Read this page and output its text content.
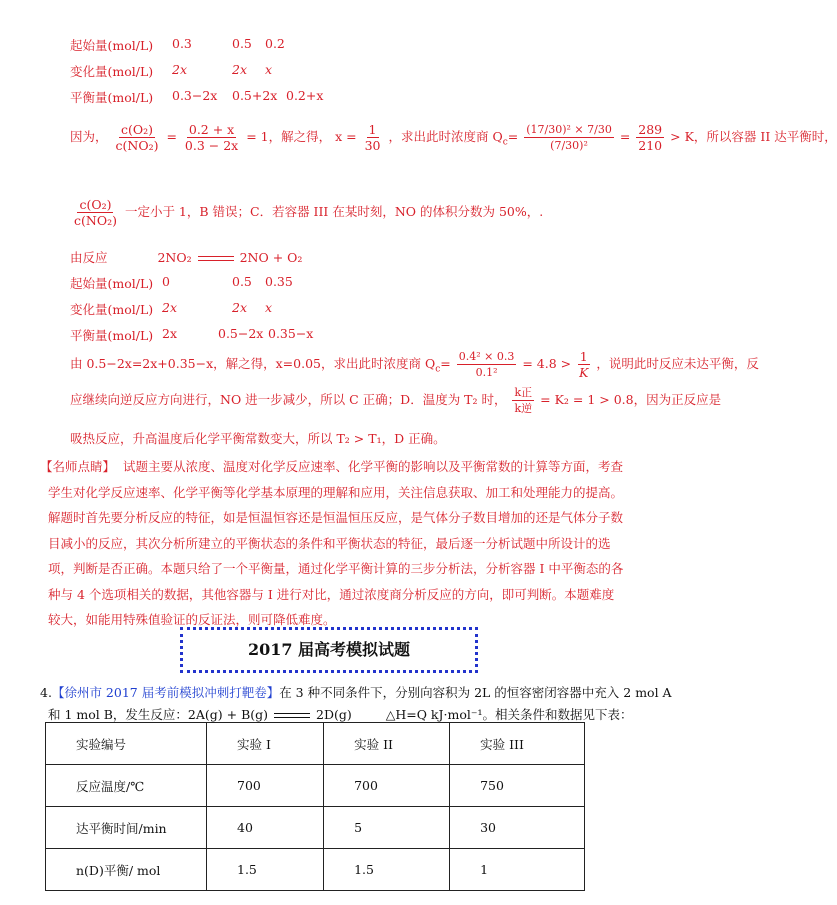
起始量(mol/L) 0.3	0.5 0.2
变化量(mol/L) 2x	2x x
平衡量(mol/L) 0.3−2x 0.5+2x 0.2+x
因为， $\frac{\text{c(O₂)}}{\text{c(NO₂)}} = \frac{0.2 + x}{0.3 - 2x} = 1$，解之得， $x = \frac{1}{30}$ ，求出此时浓度商 $Q_c= \frac{\text{(17/30)² × 7/30}}{\text{(7/30)²}} = \frac{289}{210} > K$，所以容器 II 达平衡时，
$\frac{\text{c(O₂)}}{\text{c(NO₂)}}$ 一定小于 1，B 错误；C．若容器 III 在某时刻，NO 的体积分数为 50%，.
由反应	2NO₂	2NO + O₂
起始量(mol/L) 0	0.5 0.35
变化量(mol/L) 2x	2x x
平衡量(mol/L) 2x	0.5−2x 0.35−x
由 0.5−2x=2x+0.35−x，解之得，x=0.05，求出此时浓度商 $Q_c= \frac{\text{0.4² × 0.3}}{\text{0.1²}} = 4.8 > \frac{1}{K}$ ，说明此时反应未达平衡，反
应继续向逆反应方向进行，NO 进一步减少，所以 C 正确；D．温度为 T₂ 时， $\frac{\text{k正}}{\text{k逆}} = K_2 = 1 > 0.8$，因为正反应是
吸热反应，升高温度后化学平衡常数变大，所以 T₂ > T₁，D 正确。
【名师点睛】 试题主要从浓度、温度对化学反应速率、化学平衡的影响以及平衡常数的计算等方面，考查学生对化学反应速率、化学平衡等化学基本原理的理解和应用，关注信息获取、加工和处理能力的提高。解题时首先要分析反应的特征，如是恒温恒容还是恒温恒压反应，是气体分子数目增加的还是气体分子数目减小的反应，其次分析所建立的平衡状态的条件和平衡状态的特征，最后逐一分析试题中所设计的选项，判断是否正确。本题只给了一个平衡量，通过化学平衡计算的三步分析法，分析容器 I 中平衡态的各种与 4 个选项相关的数据，其他容器与 I 进行对比，通过浓度商分析反应的方向，即可判断。本题难度较大，如能用特殊值验证的反证法，则可降低难度。
2017 届高考模拟试题
4.【徐州市 2017 届考前模拟冲刺打靶卷】在 3 种不同条件下，分别向容积为 2L 的恒容密闭容器中充入 2 mol A
和 1 mol B，发生反应：2A(g) + B(g)	2D(g)	△H=Q kJ·mol⁻¹。相关条件和数据见下表：
实验编号	实验 I	实验 II	实验 III
反应温度/℃	700	700	750
达平衡时间/min	40	5	30
n(D)平衡/ mol	1.5	1.5	1
